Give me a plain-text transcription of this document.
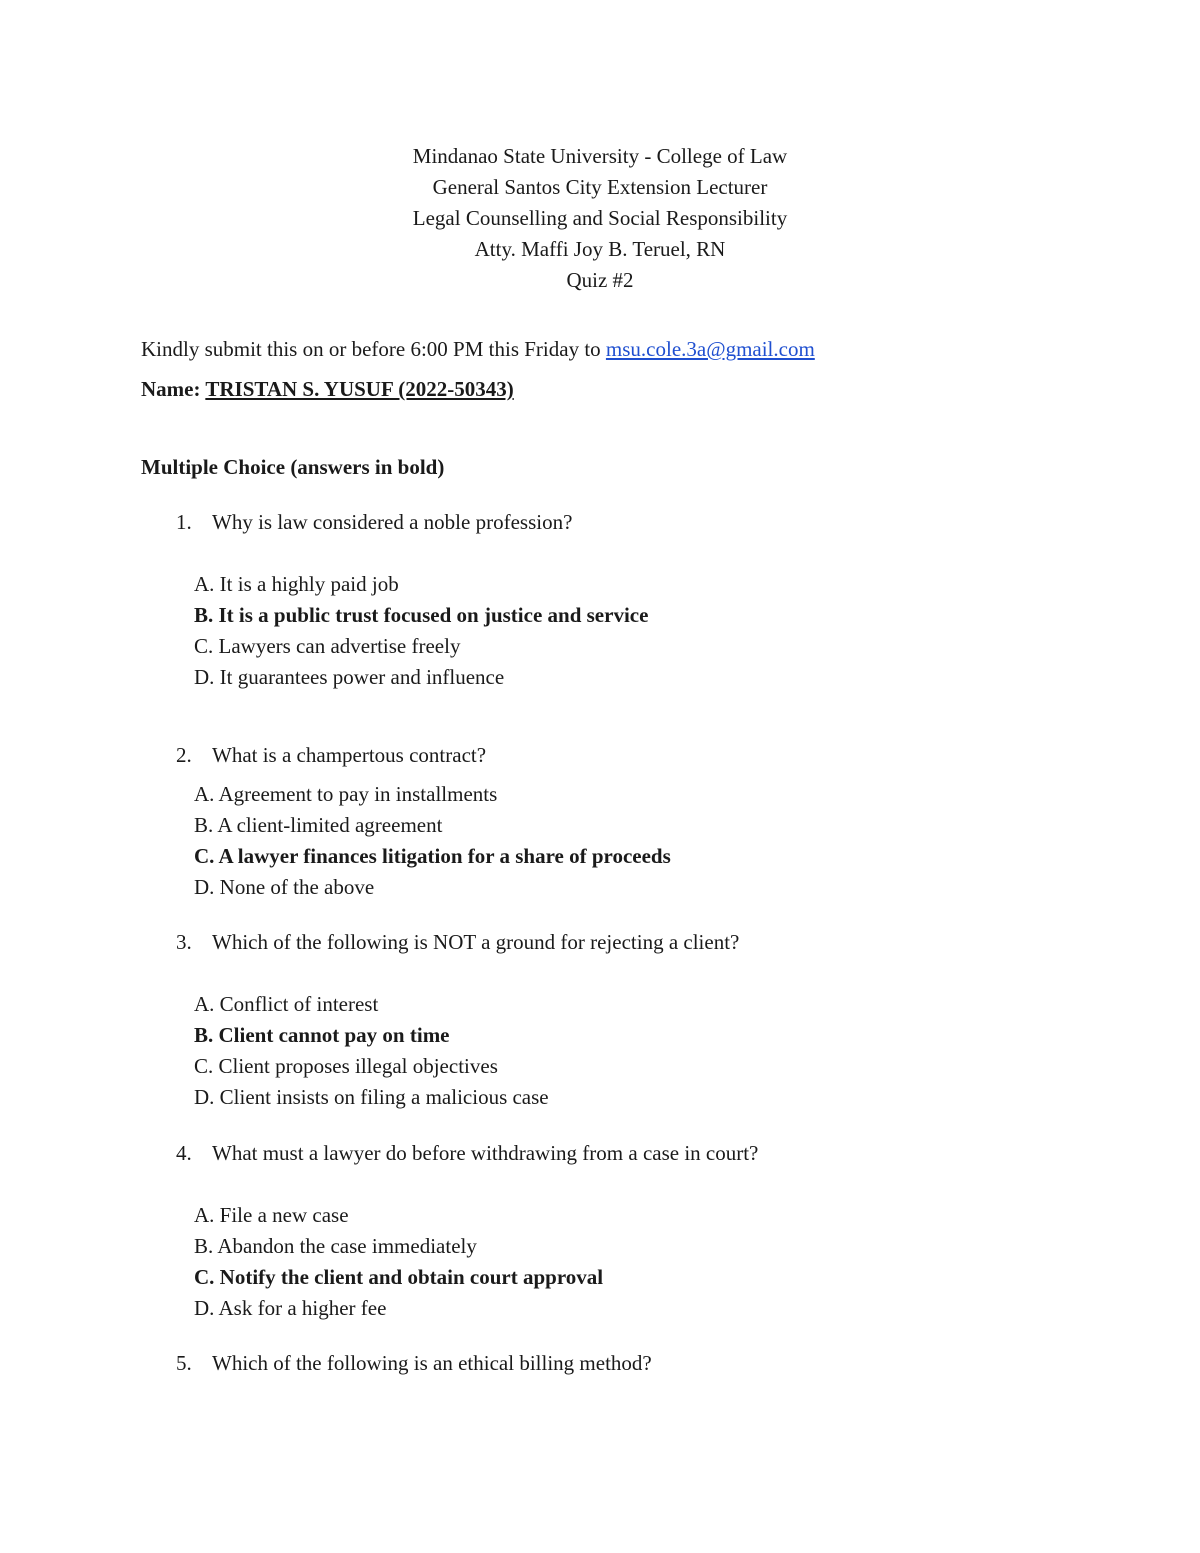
Mindanao State University - College of Law
General Santos City Extension Lecturer
Legal Counselling and Social Responsibility
Atty. Maffi Joy B. Teruel, RN
Quiz #2
Kindly submit this on or before 6:00 PM this Friday to msu.cole.3a@gmail.com
Name: TRISTAN S. YUSUF (2022-50343)
Multiple Choice (answers in bold)
1. Why is law considered a noble profession?
A. It is a highly paid job
B. It is a public trust focused on justice and service
C. Lawyers can advertise freely
D. It guarantees power and influence
2. What is a champertous contract?
A. Agreement to pay in installments
B. A client-limited agreement
C. A lawyer finances litigation for a share of proceeds
D. None of the above
3. Which of the following is NOT a ground for rejecting a client?
A. Conflict of interest
B. Client cannot pay on time
C. Client proposes illegal objectives
D. Client insists on filing a malicious case
4. What must a lawyer do before withdrawing from a case in court?
A. File a new case
B. Abandon the case immediately
C. Notify the client and obtain court approval
D. Ask for a higher fee
5. Which of the following is an ethical billing method?
